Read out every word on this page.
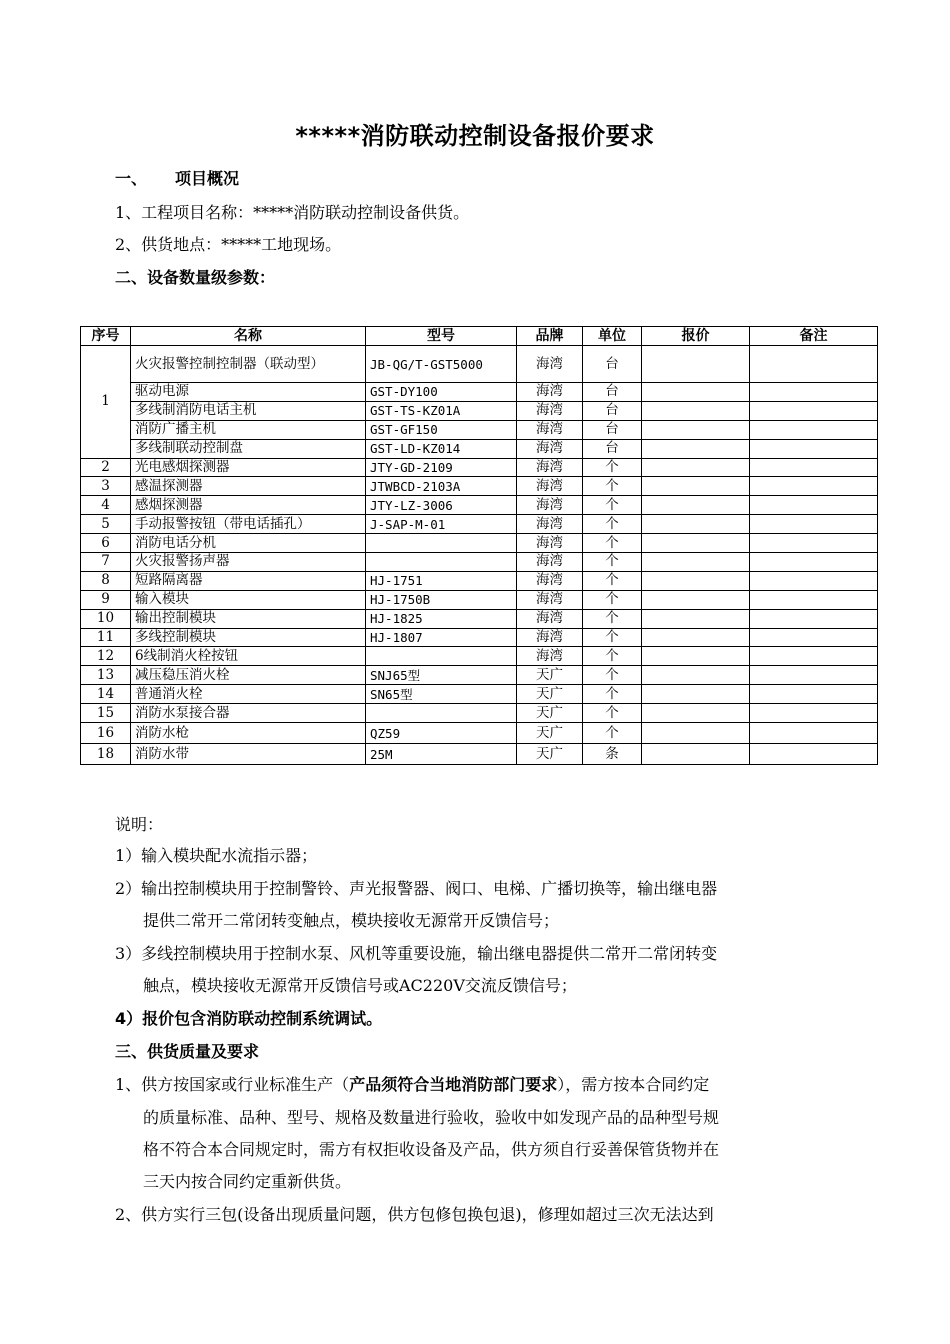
*****消防联动控制设备报价要求
一、 项目概况
1、工程项目名称：*****消防联动控制设备供货。
2、供货地点：*****工地现场。
二、设备数量级参数：
序号	名称	型号	品牌	单位	报价	备注
1	火灾报警控制控制器（联动型）	JB-QG/T-GST5000	海湾	台		
	驱动电源	GST-DY100	海湾	台		
	多线制消防电话主机	GST-TS-KZ01A	海湾	台		
	消防广播主机	GST-GF150	海湾	台		
	多线制联动控制盘	GST-LD-KZ014	海湾	台		
2	光电感烟探测器	JTY-GD-2109	海湾	个		
3	感温探测器	JTWBCD-2103A	海湾	个		
4	感烟探测器	JTY-LZ-3006	海湾	个		
5	手动报警按钮（带电话插孔）	J-SAP-M-01	海湾	个		
6	消防电话分机		海湾	个		
7	火灾报警扬声器		海湾	个		
8	短路隔离器	HJ-1751	海湾	个		
9	输入模块	HJ-1750B	海湾	个		
10	输出控制模块	HJ-1825	海湾	个		
11	多线控制模块	HJ-1807	海湾	个		
12	6线制消火栓按钮		海湾	个		
13	减压稳压消火栓	SNJ65型	天广	个		
14	普通消火栓	SN65型	天广	个		
15	消防水泵接合器		天广	个		
16	消防水枪	QZ59	天广	个		
18	消防水带	25M	天广	条		
说明：
1）输入模块配水流指示器；
2）输出控制模块用于控制警铃、声光报警器、阀口、电梯、广播切换等，输出继电器
提供二常开二常闭转变触点，模块接收无源常开反馈信号；
3）多线控制模块用于控制水泵、风机等重要设施，输出继电器提供二常开二常闭转变
触点，模块接收无源常开反馈信号或AC220V交流反馈信号；
4）报价包含消防联动控制系统调试。
三、供货质量及要求
1、供方按国家或行业标准生产（产品须符合当地消防部门要求），需方按本合同约定
的质量标准、品种、型号、规格及数量进行验收，验收中如发现产品的品种型号规
格不符合本合同规定时，需方有权拒收设备及产品，供方须自行妥善保管货物并在
三天内按合同约定重新供货。
2、供方实行三包(设备出现质量问题，供方包修包换包退)，修理如超过三次无法达到
